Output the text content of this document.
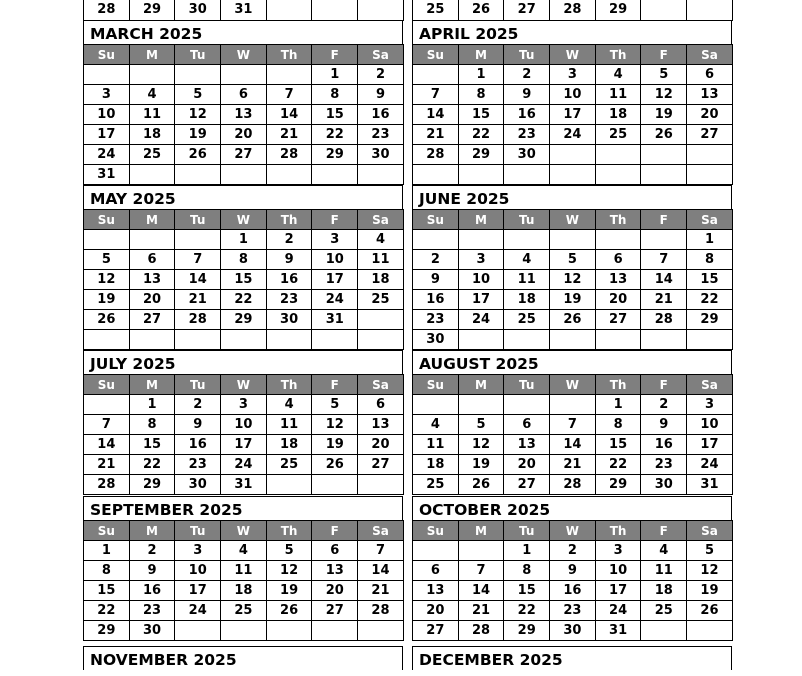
28	29	30	31			
MARCH 2025
Su	M	Tu	W	Th	F	Sa
					1	2
3	4	5	6	7	8	9
10	11	12	13	14	15	16
17	18	19	20	21	22	23
24	25	26	27	28	29	30
31						
MAY 2025
Su	M	Tu	W	Th	F	Sa
			1	2	3	4
5	6	7	8	9	10	11
12	13	14	15	16	17	18
19	20	21	22	23	24	25
26	27	28	29	30	31	

JULY 2025
Su	M	Tu	W	Th	F	Sa
	1	2	3	4	5	6
7	8	9	10	11	12	13
14	15	16	17	18	19	20
21	22	23	24	25	26	27
28	29	30	31			
SEPTEMBER 2025
Su	M	Tu	W	Th	F	Sa
1	2	3	4	5	6	7
8	9	10	11	12	13	14
15	16	17	18	19	20	21
22	23	24	25	26	27	28
29	30					
NOVEMBER 2025
25	26	27	28	29		
APRIL 2025
Su	M	Tu	W	Th	F	Sa
	1	2	3	4	5	6
7	8	9	10	11	12	13
14	15	16	17	18	19	20
21	22	23	24	25	26	27
28	29	30				

JUNE 2025
Su	M	Tu	W	Th	F	Sa
						1
2	3	4	5	6	7	8
9	10	11	12	13	14	15
16	17	18	19	20	21	22
23	24	25	26	27	28	29
30						
AUGUST 2025
Su	M	Tu	W	Th	F	Sa
				1	2	3
4	5	6	7	8	9	10
11	12	13	14	15	16	17
18	19	20	21	22	23	24
25	26	27	28	29	30	31
OCTOBER 2025
Su	M	Tu	W	Th	F	Sa
		1	2	3	4	5
6	7	8	9	10	11	12
13	14	15	16	17	18	19
20	21	22	23	24	25	26
27	28	29	30	31		
DECEMBER 2025
